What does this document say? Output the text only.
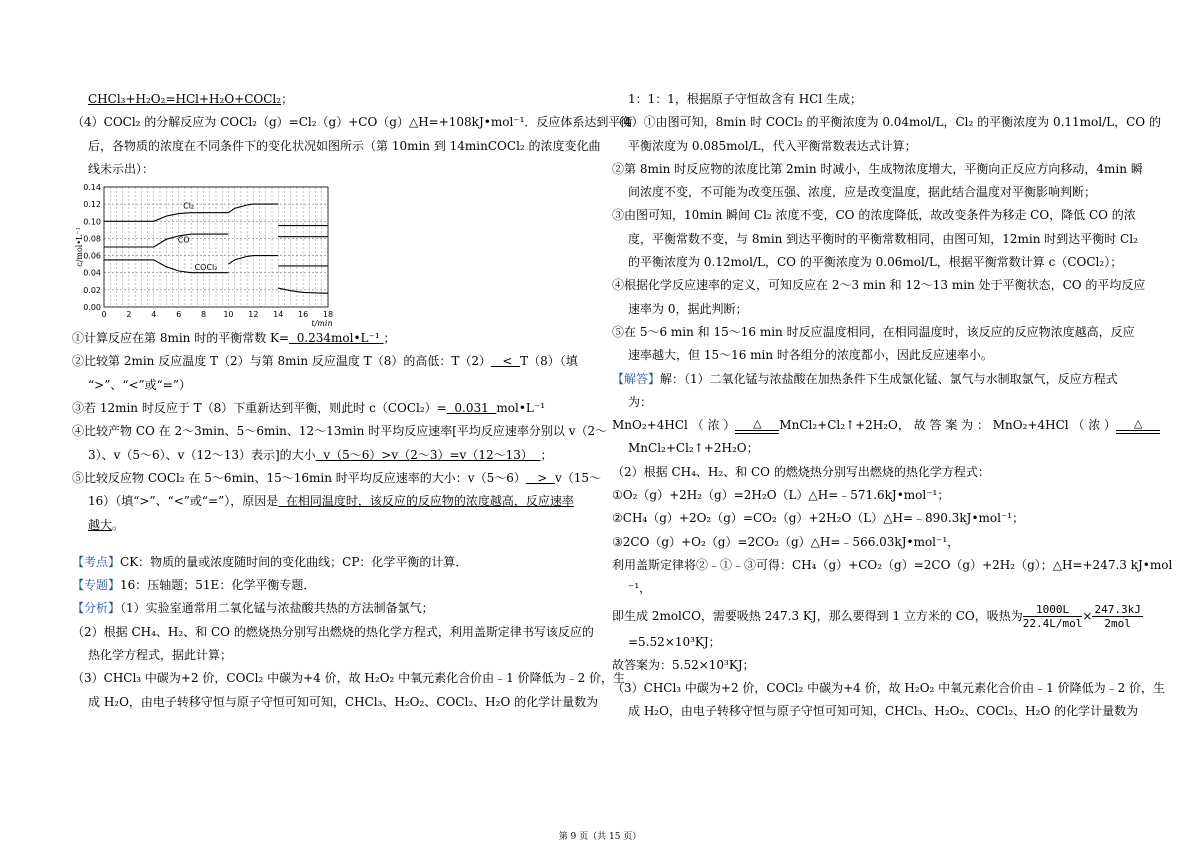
CHCl₃+H₂O₂=HCl+H₂O+COCl₂；
（4）COCl₂ 的分解反应为 COCl₂（g）=Cl₂（g）+CO（g）△H=+108kJ•mol⁻¹．反应体系达到平衡
后，各物质的浓度在不同条件下的变化状况如图所示（第 10min 到 14minCOCl₂ 的浓度变化曲
线未示出）：
0.00
0.02
0.04
0.06
0.08
0.10
0.12
0.14
0 2 4 6 8 10 12 14 16 18
t/min
c/mol•L⁻¹
Cl₂
CO
COCl₂
①计算反应在第 8min 时的平衡常数 K= 0.234mol•L⁻¹ ；
②比较第 2min 反应温度 T（2）与第 8min 反应温度 T（8）的高低：T（2） < T（8）（填
“>”、“<”或“=”）
③若 12min 时反应于 T（8）下重新达到平衡，则此时 c（COCl₂）= 0.031 mol•L⁻¹
④比较产物 CO 在 2～3min、5～6min、12～13min 时平均反应速率[平均反应速率分别以 v（2～
3）、v（5～6）、v（12～13）表示]的大小 v（5～6）>v（2～3）=v（12～13） ；
⑤比较反应物 COCl₂ 在 5～6min、15～16min 时平均反应速率的大小：v（5～6） > v（15～
16）（填“>”、“<”或“=”），原因是 在相同温度时，该反应的反应物的浓度越高，反应速率
越大。
【考点】CK：物质的量或浓度随时间的变化曲线；CP：化学平衡的计算．
【专题】16：压轴题；51E：化学平衡专题．
【分析】（1）实验室通常用二氧化锰与浓盐酸共热的方法制备氯气；
（2）根据 CH₄、H₂、和 CO 的燃烧热分别写出燃烧的热化学方程式，利用盖斯定律书写该反应的
热化学方程式，据此计算；
（3）CHCl₃ 中碳为+2 价，COCl₂ 中碳为+4 价，故 H₂O₂ 中氧元素化合价由﹣1 价降低为﹣2 价，生
成 H₂O，由电子转移守恒与原子守恒可知可知，CHCl₃、H₂O₂、COCl₂、H₂O 的化学计量数为
1：1：1，根据原子守恒故含有 HCl 生成；
（4）①由图可知，8min 时 COCl₂ 的平衡浓度为 0.04mol/L，Cl₂ 的平衡浓度为 0.11mol/L，CO 的
平衡浓度为 0.085mol/L，代入平衡常数表达式计算；
②第 8min 时反应物的浓度比第 2min 时减小，生成物浓度增大，平衡向正反应方向移动，4min 瞬
间浓度不变，不可能为改变压强、浓度，应是改变温度，据此结合温度对平衡影响判断；
③由图可知，10min 瞬间 Cl₂ 浓度不变，CO 的浓度降低，故改变条件为移走 CO，降低 CO 的浓
度，平衡常数不变，与 8min 到达平衡时的平衡常数相同，由图可知，12min 时到达平衡时 Cl₂
的平衡浓度为 0.12mol/L，CO 的平衡浓度为 0.06mol/L，根据平衡常数计算 c（COCl₂）；
④根据化学反应速率的定义，可知反应在 2～3 min 和 12～13 min 处于平衡状态，CO 的平均反应
速率为 0，据此判断；
⑤在 5～6 min 和 15～16 min 时反应温度相同，在相同温度时，该反应的反应物浓度越高，反应
速率越大，但 15～16 min 时各组分的浓度都小，因此反应速率小。
【解答】解：（1）二氧化锰与浓盐酸在加热条件下生成氯化锰、氯气与水制取氯气，反应方程式
为：
MnO₂+4HCl （ 浓 ）	△	MnCl₂+Cl₂↑+2H₂O， 故 答 案 为 ： MnO₂+4HCl （ 浓 ）	△
MnCl₂+Cl₂↑+2H₂O；
（2）根据 CH₄、H₂、和 CO 的燃烧热分别写出燃烧的热化学方程式：
①O₂（g）+2H₂（g）=2H₂O（L）△H=﹣571.6kJ•mol⁻¹；
②CH₄（g）+2O₂（g）=CO₂（g）+2H₂O（L）△H=﹣890.3kJ•mol⁻¹；
③2CO（g）+O₂（g）=2CO₂（g）△H=﹣566.03kJ•mol⁻¹，
利用盖斯定律将②﹣①﹣③可得：CH₄（g）+CO₂（g）=2CO（g）+2H₂（g）；△H=+247.3 kJ•mol
⁻¹，
即生成 2molCO，需要吸热 247.3 KJ，那么要得到 1 立方米的 CO，吸热为 $\frac{1000L}{\text{22.4L/mol}} \times \frac{247.3kJ}{\text{2mol}}$
=5.52×10³KJ；
故答案为：5.52×10³KJ；
（3）CHCl₃ 中碳为+2 价，COCl₂ 中碳为+4 价，故 H₂O₂ 中氧元素化合价由﹣1 价降低为﹣2 价，生
成 H₂O，由电子转移守恒与原子守恒可知可知，CHCl₃、H₂O₂、COCl₂、H₂O 的化学计量数为
第 9 页（共 15 页）
